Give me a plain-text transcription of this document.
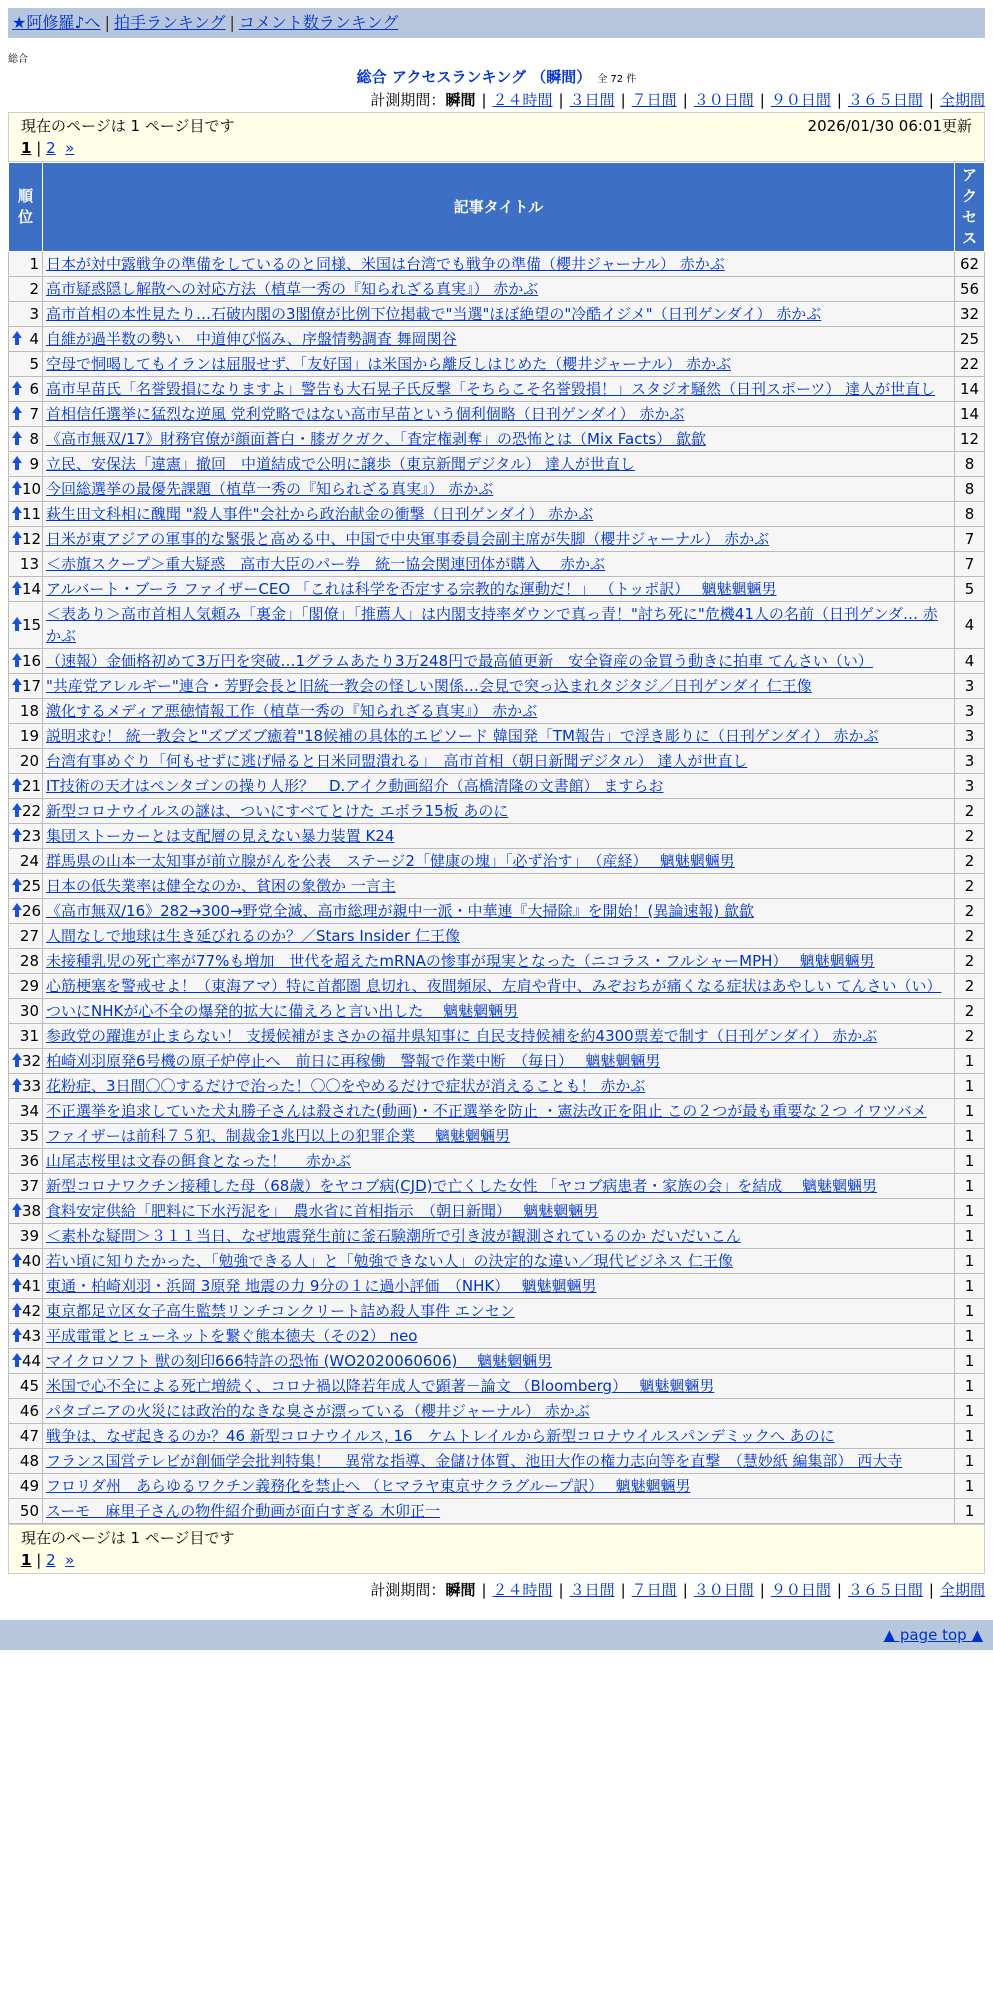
★阿修羅♪へ | 拍手ランキング | コメント数ランキング
総合
総合 アクセスランキング （瞬間） 全 72 件
計測期間：瞬間 | ２４時間 | ３日間 | ７日間 | ３０日間 | ９０日間 | ３６５日間 | 全期間
現在のページは 1 ページ目です	2026/01/30 06:01更新
1 | 2 »
順位	記事タイトル	アクセス
1	日本が対中露戦争の準備をしているのと同様、米国は台湾でも戦争の準備（櫻井ジャーナル） 赤かぶ	62
2	高市疑惑隠し解散への対応方法（植草一秀の『知られざる真実』） 赤かぶ	56
3	高市首相の本性見たり…石破内閣の3閣僚が比例下位掲載で"当選"ほぼ絶望の"冷酷イジメ"（日刊ゲンダイ） 赤かぶ	32

4	自維が過半数の勢い　中道伸び悩み、序盤情勢調査 舞岡関谷	25
5	空母で恫喝してもイランは屈服せず、「友好国」は米国から離反しはじめた（櫻井ジャーナル） 赤かぶ	22

6	高市早苗氏「名誉毀損になりますよ」警告も大石晃子氏反撃「そちらこそ名誉毀損！」スタジオ騒然（日刊スポーツ） 達人が世直し	14

7	首相信任選挙に猛烈な逆風 党利党略ではない高市早苗という個利個略（日刊ゲンダイ） 赤かぶ	14

8	《高市無双/17》財務官僚が顔面蒼白・膝ガクガク、「査定権剥奪」の恐怖とは（Mix Facts） 歙歙	12

9	立民、安保法「違憲」撤回　中道結成で公明に譲歩（東京新聞デジタル） 達人が世直し	8

10	今回総選挙の最優先課題（植草一秀の『知られざる真実』） 赤かぶ	8

11	萩生田文科相に醜聞 "殺人事件"会社から政治献金の衝撃（日刊ゲンダイ） 赤かぶ	8

12	日米が東アジアの軍事的な緊張と高める中、中国で中央軍事委員会副主席が失脚（櫻井ジャーナル） 赤かぶ	7
13	＜赤旗スクープ＞重大疑惑　高市大臣のパー券　統一協会関連団体が購入　 赤かぶ	7

14	アルバート・ブーラ ファイザーCEO 「これは科学を否定する宗教的な運動だ！」 （トッポ訳）　 魑魅魍魎男	5

15	＜表あり＞高市首相人気頼み「裏金」「閣僚」「推薦人」は内閣支持率ダウンで真っ青！"討ち死に"危機41人の名前（日刊ゲンダ… 赤かぶ	4

16	（速報）金価格初めて3万円を突破…1グラムあたり3万248円で最高値更新　安全資産の金買う動きに拍車 てんさい（い）	4

17	"共産党アレルギー"連合・芳野会長と旧統一教会の怪しい関係…会見で突っ込まれタジタジ／日刊ゲンダイ 仁王像	3
18	激化するメディア悪徳情報工作（植草一秀の『知られざる真実』） 赤かぶ	3
19	説明求む！ 統一教会と"ズブズブ癒着"18候補の具体的エピソード 韓国発「TM報告」で浮き彫りに（日刊ゲンダイ） 赤かぶ	3
20	台湾有事めぐり「何もせずに逃げ帰ると日米同盟潰れる」　高市首相（朝日新聞デジタル） 達人が世直し	3

21	IT技術の天才はペンタゴンの操り人形？　D.アイク動画紹介（高橋清隆の文書館） ますらお	3

22	新型コロナウイルスの謎は、ついにすべてとけた エボラ15板 あのに	2

23	集団ストーカーとは支配層の見えない暴力装置 K24	2
24	群馬県の山本一太知事が前立腺がんを公表　ステージ2「健康の塊」「必ず治す」　（産経）　 魑魅魍魎男	2

25	日本の低失業率は健全なのか、貧困の象徴か 一言主	2

26	《高市無双/16》282→300→野党全滅、高市総理が親中一派・中華連『大掃除』を開始！(異論速報) 歙歙	2
27	人間なしで地球は生き延びれるのか？／Stars Insider 仁王像	2
28	未接種乳児の死亡率が77%も増加　世代を超えたmRNAの惨事が現実となった（ニコラス・フルシャーMPH）　 魑魅魍魎男	2
29	心筋梗塞を警戒せよ！（東海アマ）特に首都圏 息切れ、夜間頻尿、左肩や背中、みぞおちが痛くなる症状はあやしい てんさい（い）	2
30	ついにNHKが心不全の爆発的拡大に備えろと言い出した　 魑魅魍魎男	2
31	参政党の躍進が止まらない！ 支援候補がまさかの福井県知事に 自民支持候補を約4300票差で制す（日刊ゲンダイ） 赤かぶ	2

32	柏崎刈羽原発6号機の原子炉停止へ　前日に再稼働　警報で作業中断　（毎日）　 魑魅魍魎男	1

33	花粉症、3日間〇〇するだけで治った！〇〇をやめるだけで症状が消えることも！ 赤かぶ	1
34	不正選挙を追求していた犬丸勝子さんは殺された(動画)・不正選挙を防止 ・憲法改正を阻止 この２つが最も重要な２つ イワツバメ	1
35	ファイザーは前科７５犯、制裁金1兆円以上の犯罪企業　 魑魅魍魎男	1
36	山尾志桜里は文春の餌食となった！　 赤かぶ	1
37	新型コロナワクチン接種した母（68歳）をヤコブ病(CJD)で亡くした女性 「ヤコブ病患者・家族の会」を結成　 魑魅魍魎男	1

38	食料安定供給「肥料に下水汚泥を」　農水省に首相指示　（朝日新聞）　 魑魅魍魎男	1
39	＜素朴な疑問＞３１１当日、なぜ地震発生前に釜石験潮所で引き波が観測されているのか だいだいこん	1

40	若い頃に知りたかった、「勉強できる人」と「勉強できない人」の決定的な違い／現代ビジネス 仁王像	1

41	東通・柏崎刈羽・浜岡 3原発 地震の力 9分の１に過小評価　（NHK）　 魑魅魍魎男	1

42	東京都足立区女子高生監禁リンチコンクリート詰め殺人事件 エンセン	1

43	平成電電とヒューネットを繋ぐ熊本徳夫（その2） neo	1

44	マイクロソフト 獣の刻印666特許の恐怖 (WO2020060606)　 魑魅魍魎男	1
45	米国で心不全による死亡増続く、コロナ禍以降若年成人で顕著－論文 （Bloomberg）　 魑魅魍魎男	1
46	パタゴニアの火災には政治的なきな臭さが漂っている（櫻井ジャーナル） 赤かぶ	1
47	戦争は、なぜ起きるのか？46 新型コロナウイルス, 16　ケムトレイルから新型コロナウイルスパンデミックへ あのに	1
48	フランス国営テレビが創価学会批判特集！　異常な指導、金儲け体質、池田大作の権力志向等を直撃　（慧妙紙 編集部） 西大寺	1
49	フロリダ州　あらゆるワクチン義務化を禁止へ （ヒマラヤ東京サクラグループ訳）　 魑魅魍魎男	1
50	スーモ　麻里子さんの物件紹介動画が面白すぎる 木卯正一	1
現在のページは 1 ページ目です
1 | 2 »
計測期間：瞬間 | ２４時間 | ３日間 | ７日間 | ３０日間 | ９０日間 | ３６５日間 | 全期間
▲ page top ▲
